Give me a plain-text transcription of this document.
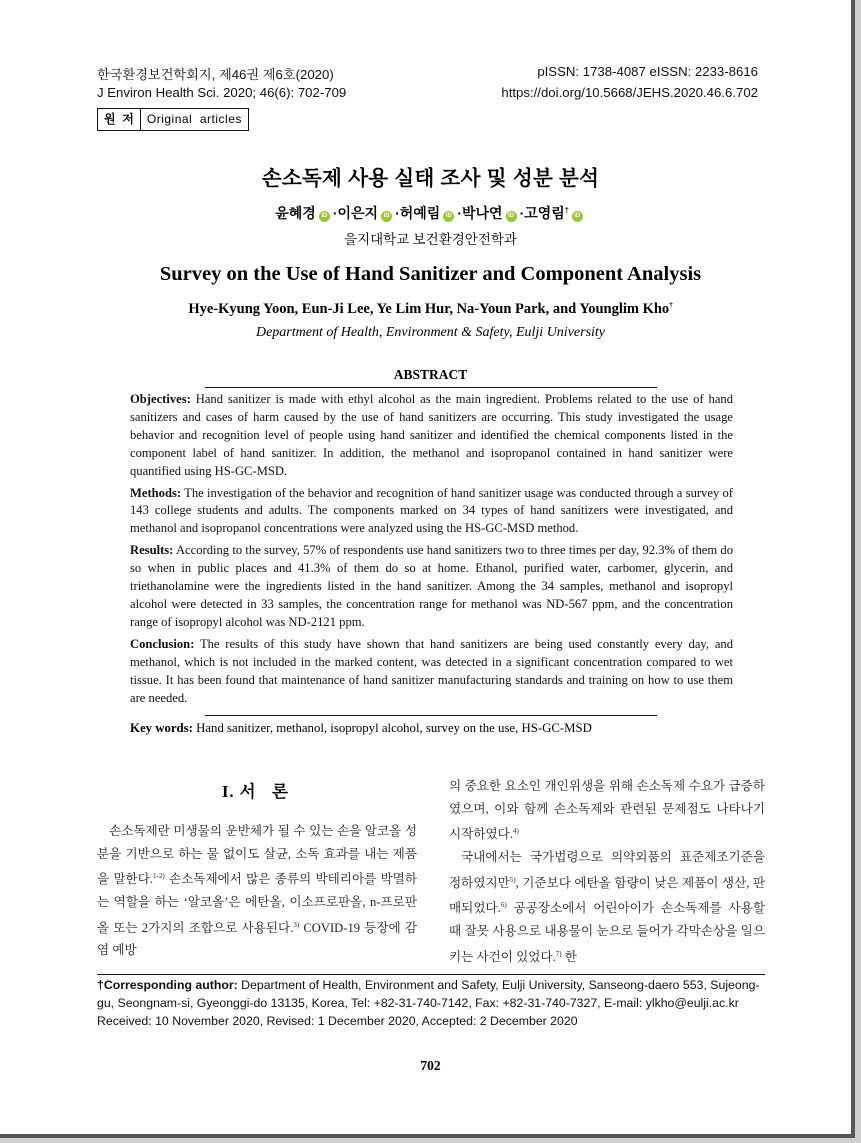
한국환경보건학회지, 제46권 제6호(2020)
J Environ Health Sci. 2020; 46(6): 702-709
pISSN: 1738-4087 eISSN: 2233-8616
https://doi.org/10.5668/JEHS.2020.46.6.702
원  저	Original  articles
손소독제 사용 실태 조사 및 성분 분석
윤혜경 iD ·이은지 iD ·허예림 iD ·박나연 iD ·고영림†iD
을지대학교 보건환경안전학과
Survey on the Use of Hand Sanitizer and Component Analysis
Hye-Kyung Yoon, Eun-Ji Lee, Ye Lim Hur, Na-Youn Park, and Younglim Kho†
Department of Health, Environment & Safety, Eulji University
ABSTRACT

Objectives: Hand sanitizer is made with ethyl alcohol as the main ingredient. Problems related to the use of hand sanitizers and cases of harm caused by the use of hand sanitizers are occurring. This study investigated the usage behavior and recognition level of people using hand sanitizer and identified the chemical components listed in the component label of hand sanitizer. In addition, the methanol and isopropanol contained in hand sanitizer were quantified using HS-GC-MSD.

Methods: The investigation of the behavior and recognition of hand sanitizer usage was conducted through a survey of 143 college students and adults. The components marked on 34 types of hand sanitizers were investigated, and methanol and isopropanol concentrations were analyzed using the HS-GC-MSD method.

Results: According to the survey, 57% of respondents use hand sanitizers two to three times per day, 92.3% of them do so when in public places and 41.3% of them do so at home. Ethanol, purified water, carbomer, glycerin, and triethanolamine were the ingredients listed in the hand sanitizer. Among the 34 samples, methanol and isopropyl alcohol were detected in 33 samples, the concentration range for methanol was ND-567 ppm, and the concentration range of isopropyl alcohol was ND-2121 ppm.

Conclusion: The results of this study have shown that hand sanitizers are being used constantly every day, and methanol, which is not included in the marked content, was detected in a significant concentration compared to wet tissue. It has been found that maintenance of hand sanitizer manufacturing standards and training on how to use them are needed.

Key words: Hand sanitizer, methanol, isopropyl alcohol, survey on the use, HS-GC-MSD
I. 서   론

손소독제란 미생물의 운반체가 될 수 있는 손을 알코올 성분을 기반으로 하는 물 없이도 살균, 소독 효과를 내는 제품을 말한다.$^{1-2)}$ 손소독제에서 많은 종류의 박테리아를 박멸하는 역할을 하는 ‘알코올’은 에탄올, 이소프로판올, n-프로판올 또는 2가지의 조합으로 사용된다.$^{3)}$ COVID-19 등장에 감염 예방

의 중요한 요소인 개인위생을 위해 손소독제 수요가 급증하였으며, 이와 함께 손소독제와 관련된 문제점도 나타나기 시작하였다.$^{4)}$

국내에서는 국가법령으로 의약외품의 표준제조기준을 정하였지만$^{5)}$, 기준보다 에탄올 함량이 낮은 제품이 생산, 판매되었다.$^{6)}$ 공공장소에서 어린아이가 손소독제를 사용할 때 잘못 사용으로 내용물이 눈으로 들어가 각막손상을 일으키는 사건이 있었다.$^{7)}$ 한

†Corresponding author: Department of Health, Environment and Safety, Eulji University, Sanseong-daero 553, Sujeong-gu, Seongnam-si, Gyeonggi-do 13135, Korea, Tel: +82-31-740-7142, Fax: +82-31-740-7327, E-mail: ylkho@eulji.ac.kr

Received: 10 November 2020, Revised: 1 December 2020, Accepted: 2 December 2020

702
